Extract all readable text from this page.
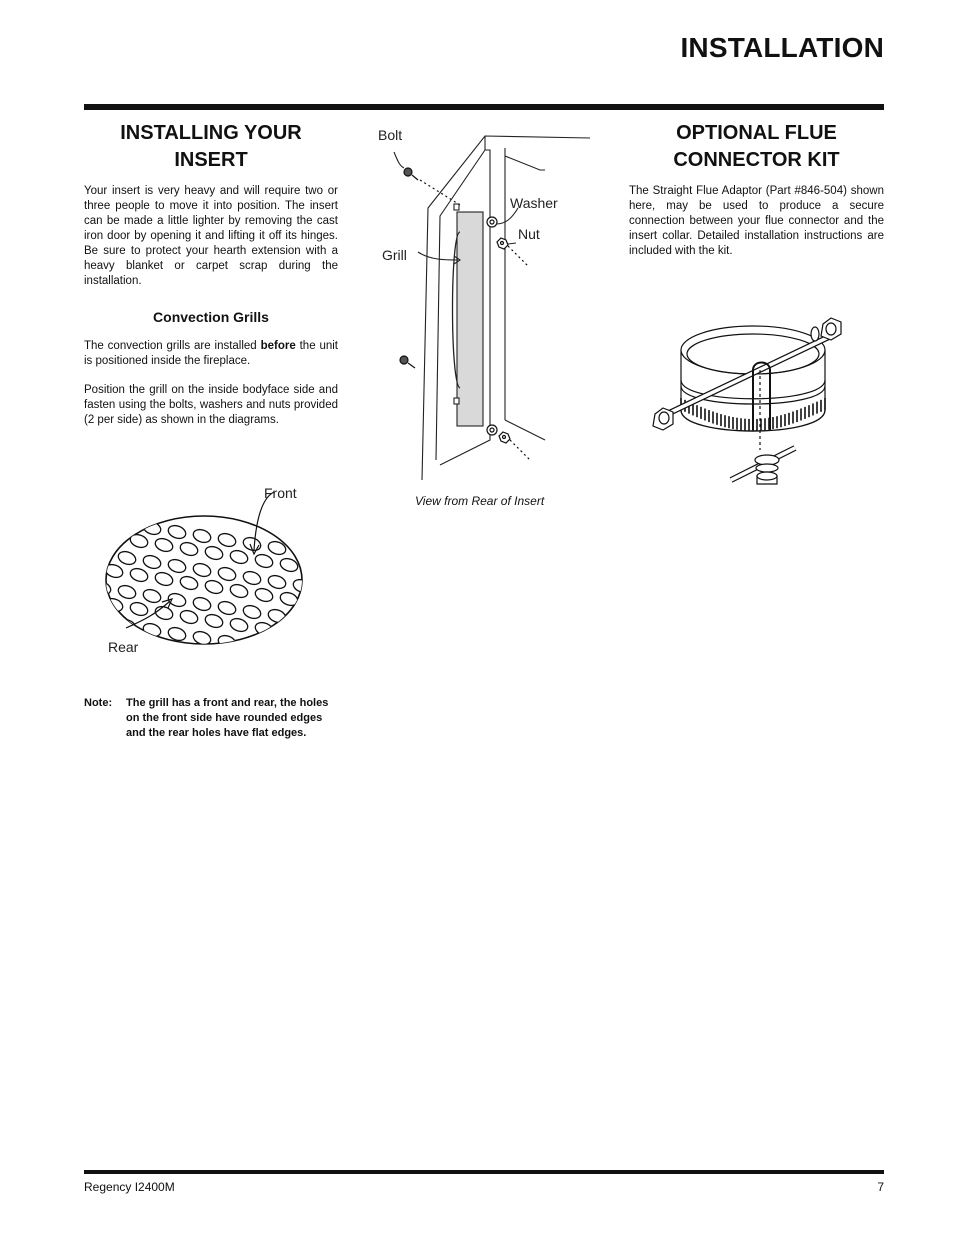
INSTALLATION
INSTALLING YOUR INSERT

Your insert is very heavy and will require two or three people to move it into position. The insert can be made a little lighter by removing the cast iron door by opening it and lifting it off its hinges. Be sure to protect your hearth extension with a heavy blanket or carpet scrap during the installation.

Convection Grills

The convection grills are installed before the unit is positioned inside the fireplace.

Position the grill on the inside bodyface side and fasten using the bolts, washers and nuts provided (2 per side) as shown in the diagrams.

Front
Rear
Note:	The grill has a front and rear, the holes on the front side have rounded edges and the rear holes have flat edges.
Bolt
Washer
Nut
Grill
View from Rear of Insert
OPTIONAL FLUE CONNECTOR KIT

The Straight Flue Adaptor (Part #846-504) shown here, may be used to produce a secure connection between your flue connector and the insert collar. Detailed installation instructions are included with the kit.

Regency I2400M	7
